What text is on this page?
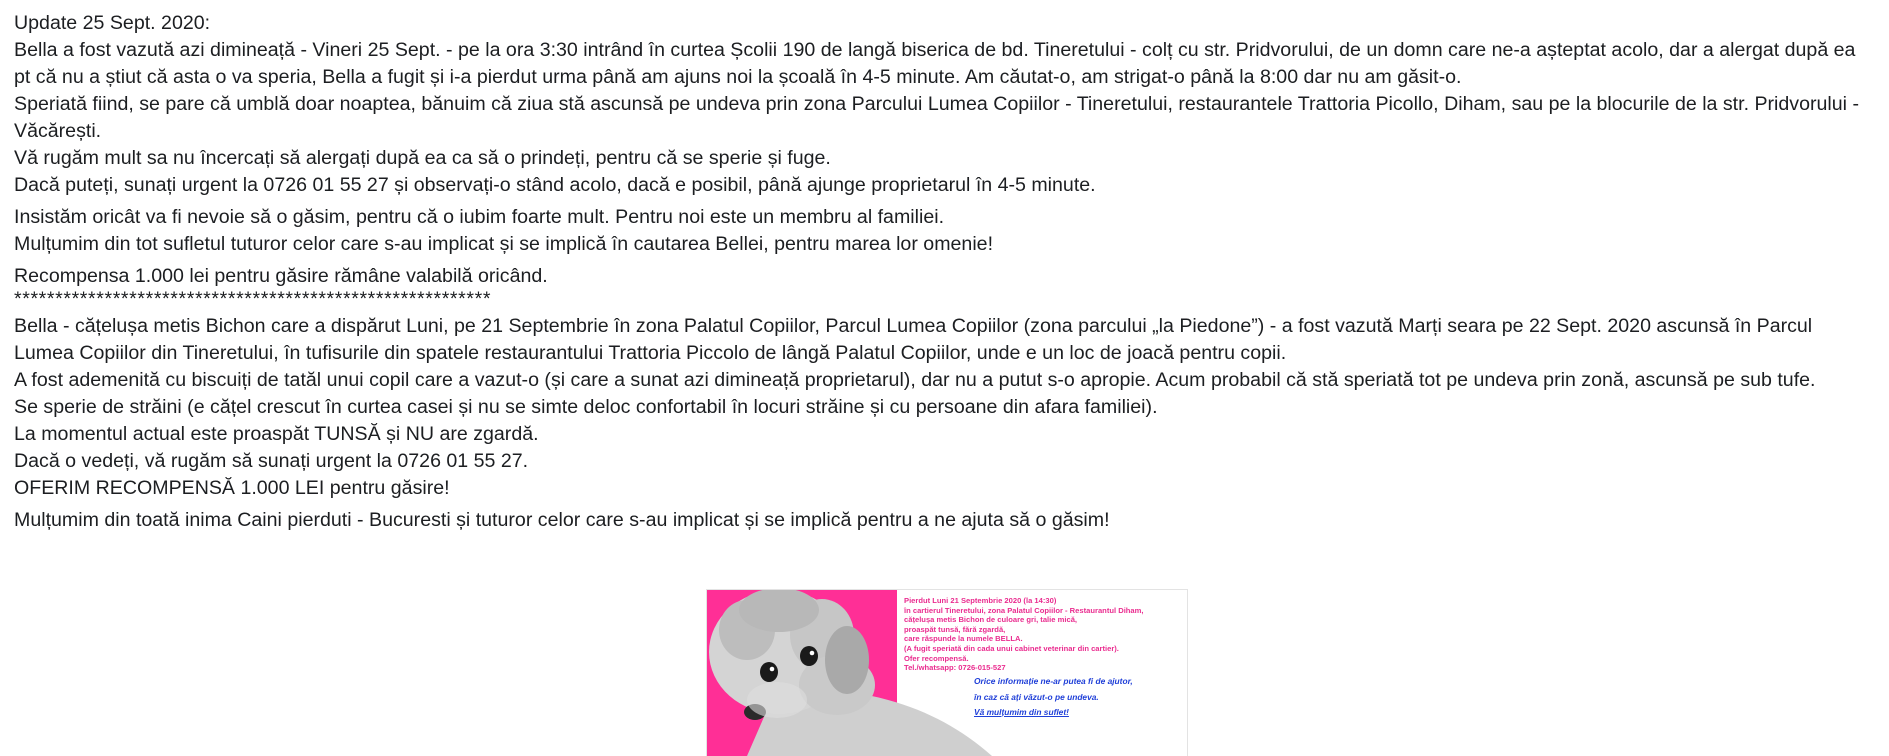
Update 25 Sept. 2020:

Bella a fost vazută azi dimineață - Vineri 25 Sept. - pe la ora 3:30 intrând în curtea Școlii 190 de langă biserica de bd. Tineretului - colț cu str. Pridvorului, de un domn care ne-a așteptat acolo, dar a alergat după ea pt că nu a știut că asta o va speria, Bella a fugit și i-a pierdut urma până am ajuns noi la școală în 4-5 minute. Am căutat-o, am strigat-o până la 8:00 dar nu am găsit-o.

Speriată fiind, se pare că umblă doar noaptea, bănuim că ziua stă ascunsă pe undeva prin zona Parcului Lumea Copiilor - Tineretului, restaurantele Trattoria Picollo, Diham, sau pe la blocurile de la str. Pridvorului - Văcărești.

Vă rugăm mult sa nu încercați să alergați după ea ca să o prindeți, pentru că se sperie și fuge.

Dacă puteți, sunați urgent la 0726 01 55 27 și observați-o stând acolo, dacă e posibil, până ajunge proprietarul în 4-5 minute.

Insistăm oricât va fi nevoie să o găsim, pentru că o iubim foarte mult. Pentru noi este un membru al familiei.

Mulțumim din tot sufletul tuturor celor care s-au implicat și se implică în cautarea Bellei, pentru marea lor omenie!

Recompensa 1.000 lei pentru găsire rămâne valabilă oricând.

**********************************************************

Bella - cățelușa metis Bichon care a dispărut Luni, pe 21 Septembrie în zona Palatul Copiilor, Parcul Lumea Copiilor (zona parcului „la Piedone”) - a fost vazută Marți seara pe 22 Sept. 2020 ascunsă în Parcul Lumea Copiilor din Tineretului, în tufisurile din spatele restaurantului Trattoria Piccolo de lângă Palatul Copiilor, unde e un loc de joacă pentru copii.

A fost ademenită cu biscuiți de tatăl unui copil care a vazut-o (și care a sunat azi dimineață proprietarul), dar nu a putut s-o apropie. Acum probabil că stă speriată tot pe undeva prin zonă, ascunsă pe sub tufe.

Se sperie de străini (e cățel crescut în curtea casei și nu se simte deloc confortabil în locuri străine și cu persoane din afara familiei).

La momentul actual este proaspăt TUNSĂ și NU are zgardă.

Dacă o vedeți, vă rugăm să sunați urgent la 0726 01 55 27.

OFERIM RECOMPENSĂ 1.000 LEI pentru găsire!

Mulțumim din toată inima Caini pierduti - Bucuresti și tuturor celor care s-au implicat și se implică pentru a ne ajuta să o găsim!

Pierdut Luni 21 Septembrie 2020 (la 14:30)
în cartierul Tineretului, zona Palatul Copiilor - Restaurantul Diham,
cățelușa metis Bichon de culoare gri, talie mică,
proaspăt tunsă, fără zgardă,
care răspunde la numele BELLA.
(A fugit speriată din cada unui cabinet veterinar din cartier).
Ofer recompensă.
Tel./whatsapp: 0726-015-527
Orice informație ne-ar putea fi de ajutor,
în caz că ați văzut-o pe undeva.
Vă mulțumim din suflet!
